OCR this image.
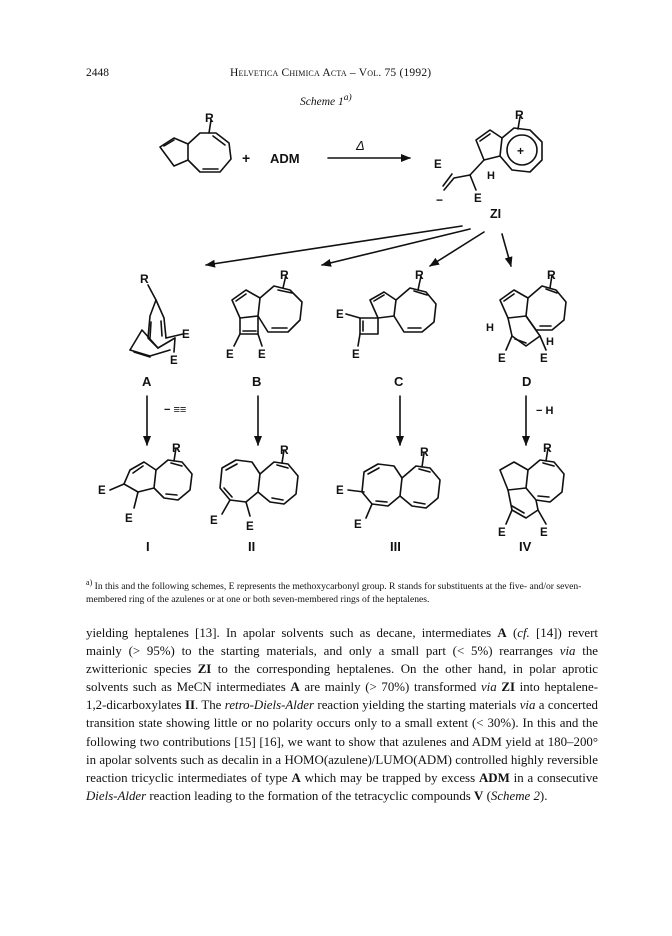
2448	Helvetica Chimica Acta – Vol. 75 (1992)
Scheme 1$^{a)}$
R
+ ADM
Δ	+
R
E
E
H
−
ZI
R
E
E
A
R
E E
B
R
E
E
C
R
H
H
E	E
D
− ≡≡	− H
R
E
E
I
R
E E
II
R
E
E
III
R
E	E
IV
$^{a)}$ In this and the following schemes, E represents the methoxycarbonyl group. R stands for substituents at the five- and/or seven-membered ring of the azulenes or at one or both seven-membered rings of the heptalenes.

yielding heptalenes [13]. In apolar solvents such as decane, intermediates A (cf. [14]) revert mainly (> 95%) to the starting materials, and only a small part (< 5%) rearranges via the zwitterionic species ZI to the corresponding heptalenes. On the other hand, in polar aprotic solvents such as MeCN intermediates A are mainly (> 70%) transformed via ZI into heptalene-1,2-dicarboxylates II. The retro-Diels-Alder reaction yielding the starting materials via a concerted transition state showing little or no polarity occurs only to a small extent (< 30%). In this and the following two contributions [15] [16], we want to show that azulenes and ADM yield at 180–200° in apolar solvents such as decalin in a HOMO(azulene)/LUMO(ADM) controlled highly reversible reaction tricyclic intermediates of type A which may be trapped by excess ADM in a consecutive Diels-Alder reaction leading to the formation of the tetracyclic compounds V (Scheme 2).
